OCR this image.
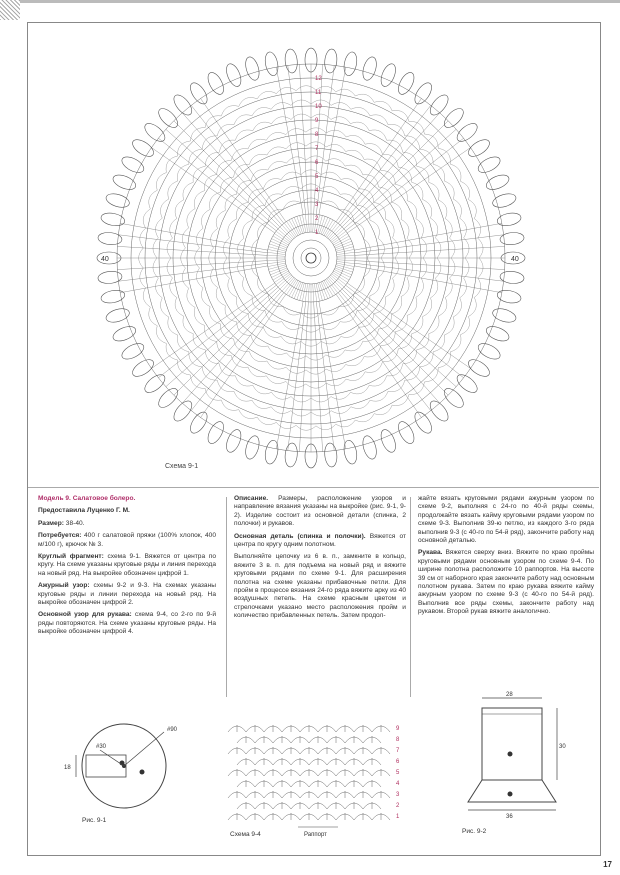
1
2
3
4
5
6
7
8
9
10
11
12
40	40
Схема 9-1

Модель 9. Салатовое болеро.

Предоставила Луценко Г. М.

Размер: 38-40.

Потребуется: 400 г салатовой пряжи (100% хлопок, 400 м/100 г), крючок № 3.

Круглый фрагмент: схема 9-1. Вяжется от центра по кругу. На схеме указаны круговые ряды и линия перехода на новый ряд. На выкройке обозначен цифрой 1.

Ажурный узор: схемы 9-2 и 9-3. На схемах указаны круговые ряды и линии перехода на новый ряд. На выкройке обозначен цифрой 2.

Основной узор для рукава: схема 9-4, со 2-го по 9-й ряды повторяются. На схеме указаны круговые ряды. На выкройке обозначен цифрой 4.

Описание. Размеры, расположение узоров и направление вязания указаны на выкройке (рис. 9-1, 9-2). Изделие состоит из основной детали (спинка, 2 полочки) и рукавов.

Основная деталь (спинка и полочки). Вяжется от центра по кругу одним полотном.

Выполняйте цепочку из 6 в. п., замкните в кольцо, вяжите 3 в. п. для подъема на новый ряд и вяжите круговыми рядами по схеме 9-1. Для расширения полотна на схеме указаны прибавочные петли. Для пройм в процессе вязания 24-го ряда вяжите арку из 40 воздушных петель. На схеме красным цветом и стрелочками указано место расположения пройм и количество прибавленных петель. Затем продол-

жайте вязать круговыми рядами ажурным узором по схеме 9-2, выполняя с 24-го по 40-й ряды схемы, продолжайте вязать кайму круговыми рядами узором по схеме 9-3. Выполнив 39-ю петлю, из каждого 3-го ряда выполнив 9-3 (с 40-го по 54-й ряд), закончите работу над основной деталью.

Рукава. Вяжется сверху вниз. Вяжите по краю проймы круговыми рядами основным узором по схеме 9-4. По ширине полотна расположите 10 раппортов. На высоте 39 см от наборного края закончите работу над основным полотном рукава. Затем по краю рукава вяжите кайму ажурным узором по схеме 9-3 (с 40-го по 54-й ряд). Выполнив все ряды схемы, закончите работу над рукавом. Второй рукав вяжите аналогично.

#90
#30
18
Рис. 9-1
9
8
7
6
5
4
3
2
1
Раппорт
Схема 9-4
28
30
36
Рис. 9-2
17
